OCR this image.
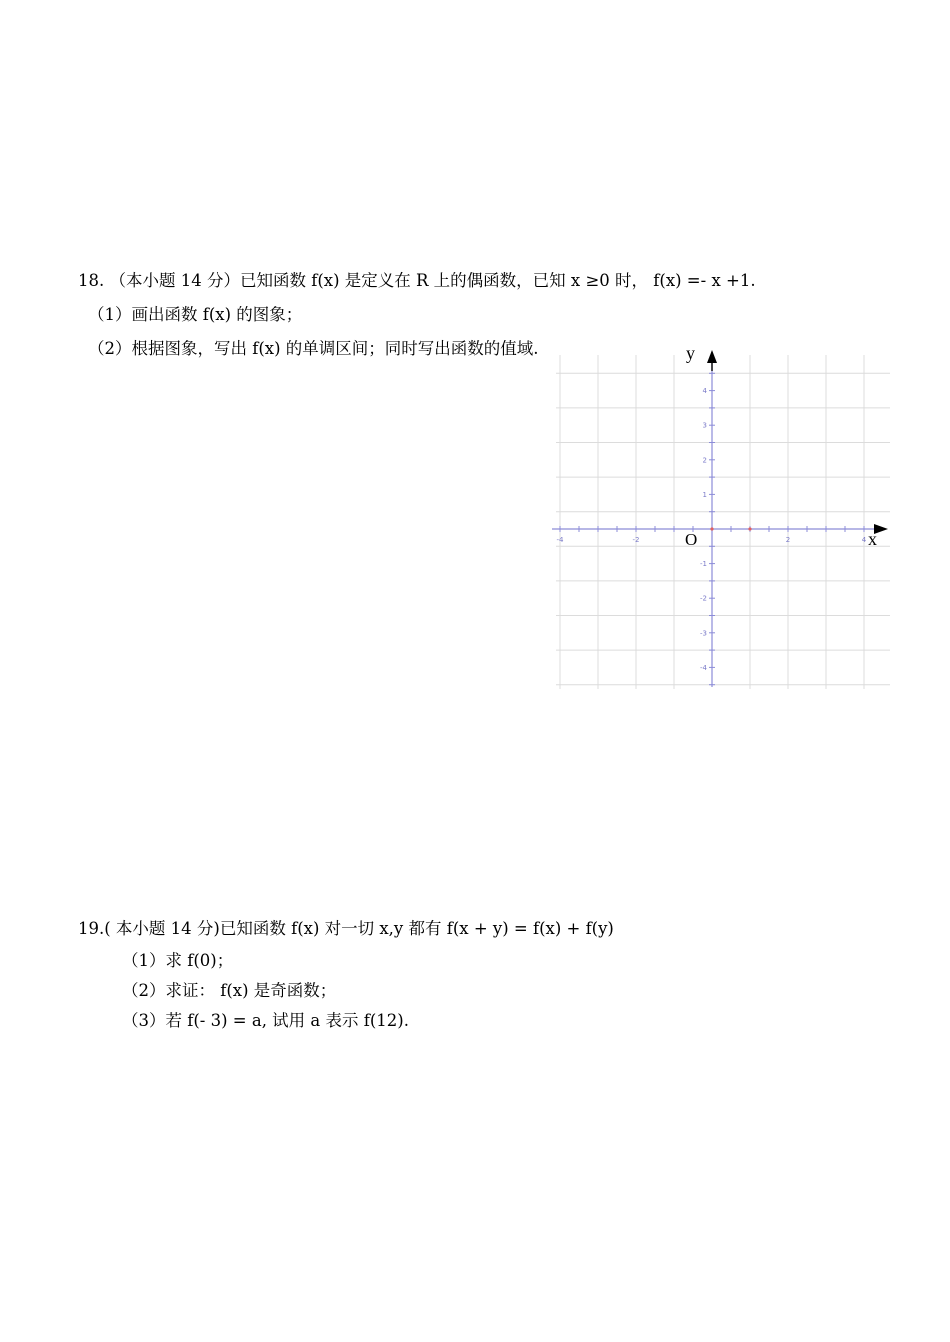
18. （本小题 14 分）已知函数 f(x) 是定义在 R 上的偶函数，已知 x ≥0 时， f(x) =- x +1.
（1）画出函数 f(x) 的图象；
（2）根据图象，写出 f(x) 的单调区间；同时写出函数的值域.
-4	-2	2	4
4
3
2
1
-1
-2
-3
-4
y
x
O
19.( 本小题 14 分)已知函数 f(x) 对一切 x,y 都有 f(x + y) = f(x) + f(y)
（1）求 f(0)；
（2）求证： f(x) 是奇函数；
（3）若 f(- 3) = a, 试用 a 表示 f(12).
